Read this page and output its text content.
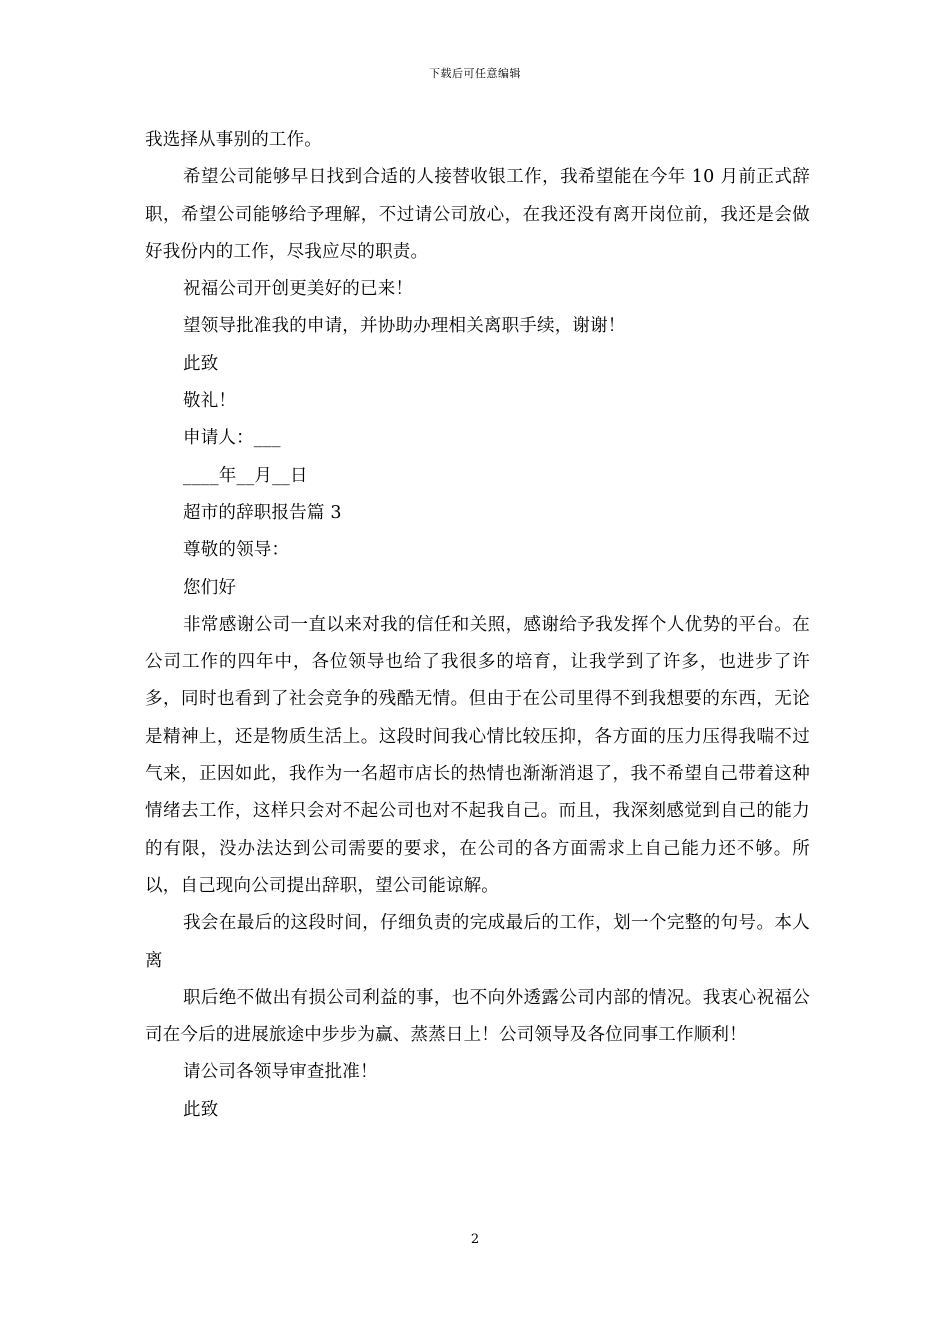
下载后可任意编辑

我选择从事别的工作。

希望公司能够早日找到合适的人接替收银工作，我希望能在今年 10 月前正式辞职，希望公司能够给予理解，不过请公司放心，在我还没有离开岗位前，我还是会做好我份内的工作，尽我应尽的职责。

祝福公司开创更美好的已来！

望领导批准我的申请，并协助办理相关离职手续，谢谢！

此致

敬礼！

申请人：___

____年__月__日

超市的辞职报告篇 3

尊敬的领导：

您们好

非常感谢公司一直以来对我的信任和关照，感谢给予我发挥个人优势的平台。在公司工作的四年中，各位领导也给了我很多的培育，让我学到了许多，也进步了许多，同时也看到了社会竞争的残酷无情。但由于在公司里得不到我想要的东西，无论是精神上，还是物质生活上。这段时间我心情比较压抑，各方面的压力压得我喘不过气来，正因如此，我作为一名超市店长的热情也渐渐消退了，我不希望自己带着这种情绪去工作，这样只会对不起公司也对不起我自己。而且，我深刻感觉到自己的能力的有限，没办法达到公司需要的要求，在公司的各方面需求上自己能力还不够。所以，自己现向公司提出辞职，望公司能谅解。

我会在最后的这段时间，仔细负责的完成最后的工作，划一个完整的句号。本人离

职后绝不做出有损公司利益的事，也不向外透露公司内部的情况。我衷心祝福公司在今后的进展旅途中步步为赢、蒸蒸日上！公司领导及各位同事工作顺利！

请公司各领导审查批准！

此致

2
